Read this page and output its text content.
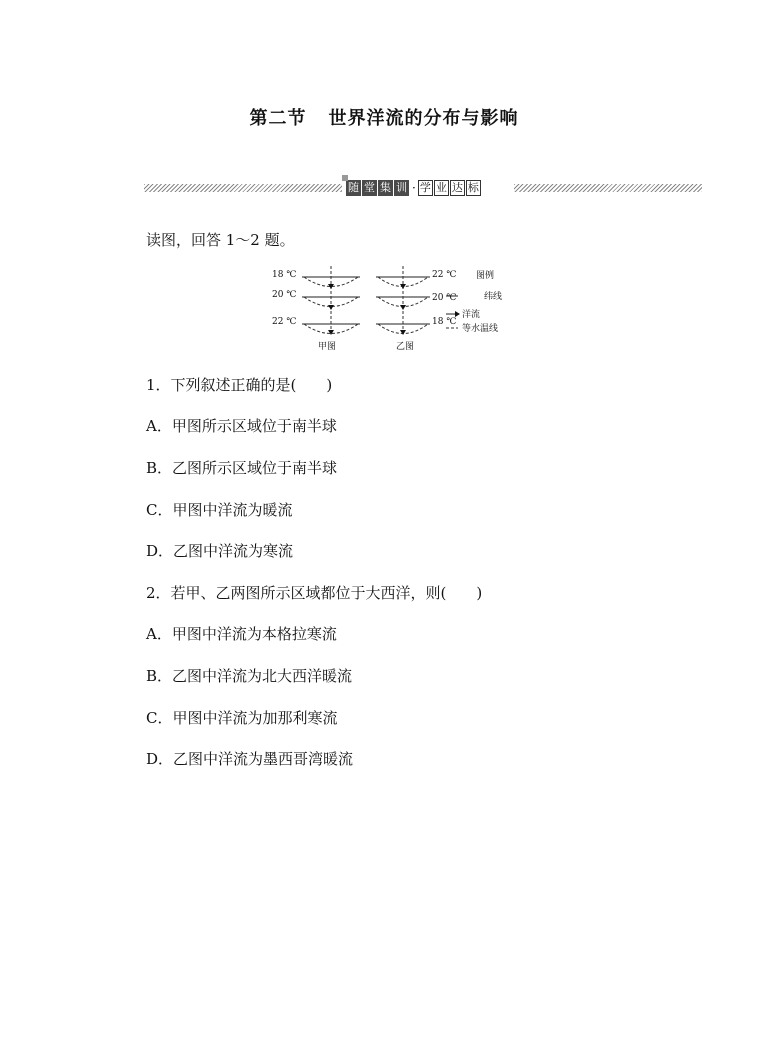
第二节 世界洋流的分布与影响
随 堂 集 训 · 学 业 达 标
读图，回答 1～2 题。
18 ℃
20 ℃
22 ℃
22 ℃
20 ℃
18 ℃
甲图	乙图
图例
纬线
洋流
等水温线
1．下列叙述正确的是(　　)
A．甲图所示区域位于南半球
B．乙图所示区域位于南半球
C．甲图中洋流为暖流
D．乙图中洋流为寒流
2．若甲、乙两图所示区域都位于大西洋，则(　　)
A．甲图中洋流为本格拉寒流
B．乙图中洋流为北大西洋暖流
C．甲图中洋流为加那利寒流
D．乙图中洋流为墨西哥湾暖流
